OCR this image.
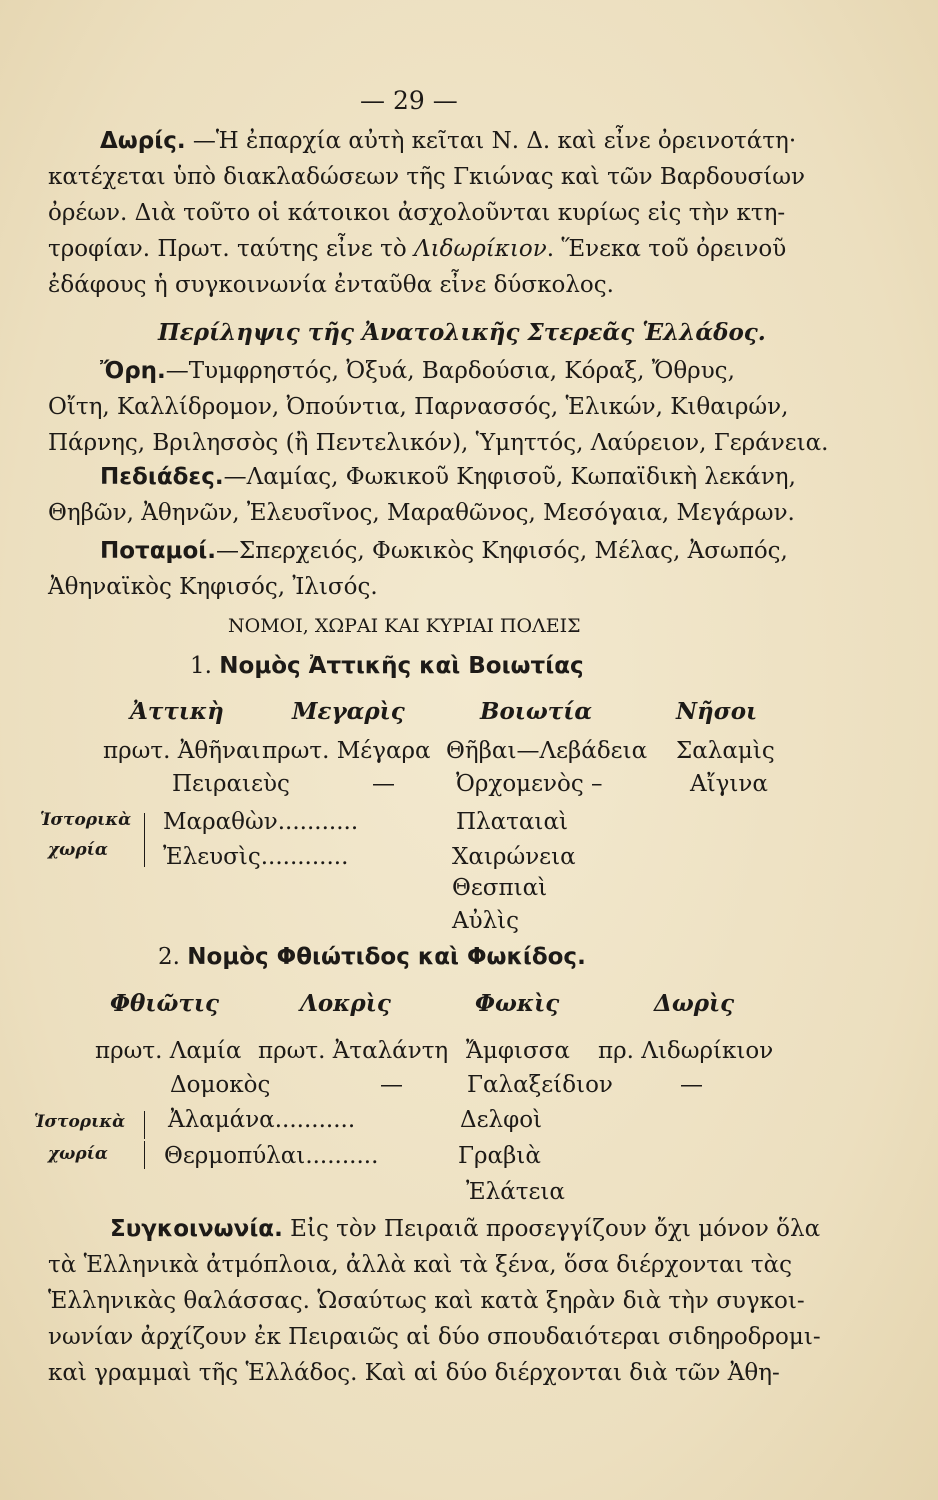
— 29 —
Δωρίς. —Ἡ ἐπαρχία αὐτὴ κεῖται Ν. Δ. καὶ εἶνε ὀρεινοτάτη·
κατέχεται ὑπὸ διακλαδώσεων τῆς Γκιώνας καὶ τῶν Βαρδουσίων
ὀρέων. Διὰ τοῦτο οἱ κάτοικοι ἀσχολοῦνται κυρίως εἰς τὴν κτη-
τροφίαν. Πρωτ. ταύτης εἶνε τὸ Λιδωρίκιον. Ἕνεκα τοῦ ὀρεινοῦ
ἐδάφους ἡ συγκοινωνία ἐνταῦθα εἶνε δύσκολος.
Περίληψις τῆς Ἀνατολικῆς Στερεᾶς Ἑλλάδος.
Ὄρη.—Τυμφρηστός, Ὀξυά, Βαρδούσια, Κόραξ, Ὄθρυς,
Οἴτη, Καλλίδρομον, Ὀπούντια, Παρνασσός, Ἑλικών, Κιθαιρών,
Πάρνης, Βριλησσὸς (ἢ Πεντελικόν), Ὑμηττός, Λαύρειον, Γεράνεια.
Πεδιάδες.—Λαμίας, Φωκικοῦ Κηφισοῦ, Κωπαϊδικὴ λεκάνη,
Θηβῶν, Ἀθηνῶν, Ἐλευσῖνος, Μαραθῶνος, Μεσόγαια, Μεγάρων.
Ποταμοί.—Σπερχειός, Φωκικὸς Κηφισός, Μέλας, Ἀσωπός,
Ἀθηναϊκὸς Κηφισός, Ἰλισός.
ΝΟΜΟΙ, ΧΩΡΑΙ ΚΑΙ ΚΥΡΙΑΙ ΠΟΛΕΙΣ
1. Νομὸς Ἀττικῆς καὶ Βοιωτίας
Ἀττικὴ	Μεγαρὶς	Βοιωτία	Νῆσοι
πρωτ. Ἀθῆναι πρωτ. Μέγαρα Θῆβαι—Λεβάδεια Σαλαμὶς
Πειραιεὺς	—	Ὀρχομενὸς –	Αἴγινα
Ἱστορικὰ
χωρία
Μαραθὼν...........	Πλαταιαὶ
Ἐλευσὶς............	Χαιρώνεια
Θεσπιαὶ
Αὐλὶς
2. Νομὸς Φθιώτιδος καὶ Φωκίδος.
Φθιῶτις	Λοκρὶς	Φωκὶς	Δωρὶς
πρωτ. Λαμία πρωτ. Ἀταλάντη Ἄμφισσα πρ. Λιδωρίκιον
Δομοκὸς	—	Γαλαξείδιον	—
Ἱστορικὰ
χωρία
Ἀλαμάνα...........	Δελφοὶ
Θερμοπύλαι..........	Γραβιὰ
Ἐλάτεια
Συγκοινωνία. Εἰς τὸν Πειραιᾶ προσεγγίζουν ὄχι μόνον ὅλα
τὰ Ἑλληνικὰ ἀτμόπλοια, ἀλλὰ καὶ τὰ ξένα, ὅσα διέρχονται τὰς
Ἑλληνικὰς θαλάσσας. Ὡσαύτως καὶ κατὰ ξηρὰν διὰ τὴν συγκοι-
νωνίαν ἀρχίζουν ἐκ Πειραιῶς αἱ δύο σπουδαιότεραι σιδηροδρομι-
καὶ γραμμαὶ τῆς Ἑλλάδος. Καὶ αἱ δύο διέρχονται διὰ τῶν Ἀθη-
